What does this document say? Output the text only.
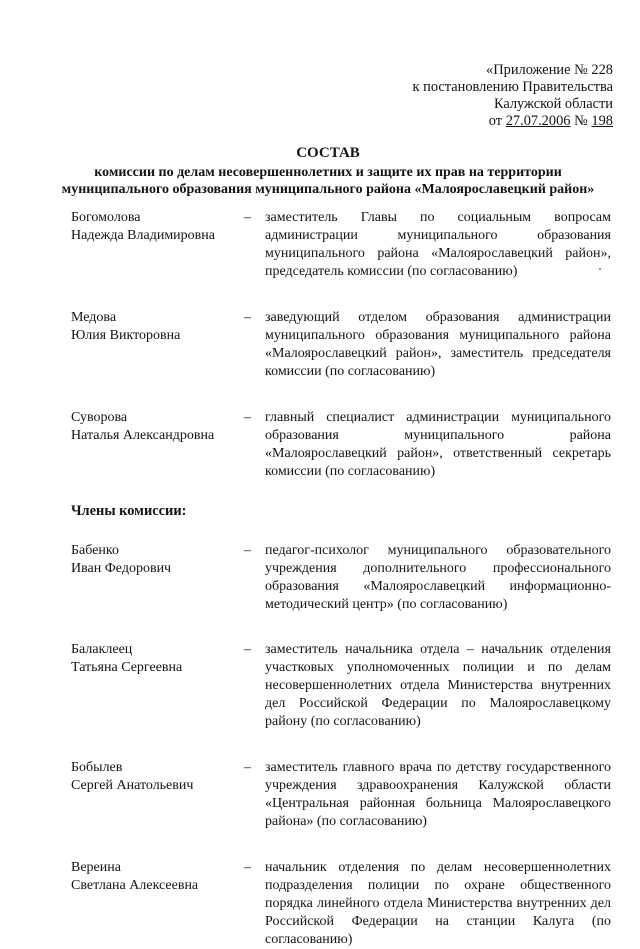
«Приложение № 228
к постановлению Правительства
Калужской области
от 27.07.2006 № 198
СОСТАВ
комиссии по делам несовершеннолетних и защите их прав на территории
муниципального образования муниципального района «Малоярославецкий район»
Богомолова
Надежда Владимировна
– заместитель Главы по социальным вопросам администрации муниципального образования муниципального района «Малоярославецкий район», председатель комиссии (по согласованию)
Медова
Юлия Викторовна
– заведующий отделом образования администрации муниципального образования муниципального района «Малоярославецкий район», заместитель председателя комиссии (по согласованию)
Суворова
Наталья Александровна
– главный специалист администрации муниципального образования муниципального района «Малоярославецкий район», ответственный секретарь комиссии (по согласованию)
Члены комиссии:
Бабенко
Иван Федорович
– педагог-психолог муниципального образовательного учреждения дополнительного профессионального образования «Малоярославецкий информационно-методический центр» (по согласованию)
Балаклеец
Татьяна Сергеевна
– заместитель начальника отдела – начальник отделения участковых уполномоченных полиции и по делам несовершеннолетних отдела Министерства внутренних дел Российской Федерации по Малоярославецкому району (по согласованию)
Бобылев
Сергей Анатольевич
– заместитель главного врача по детству государственного учреждения здравоохранения Калужской области «Центральная районная больница Малоярославецкого района» (по согласованию)
Вереина
Светлана Алексеевна
– начальник отделения по делам несовершеннолетних подразделения полиции по охране общественного порядка линейного отдела Министерства внутренних дел Российской Федерации на станции Калуга (по согласованию)
